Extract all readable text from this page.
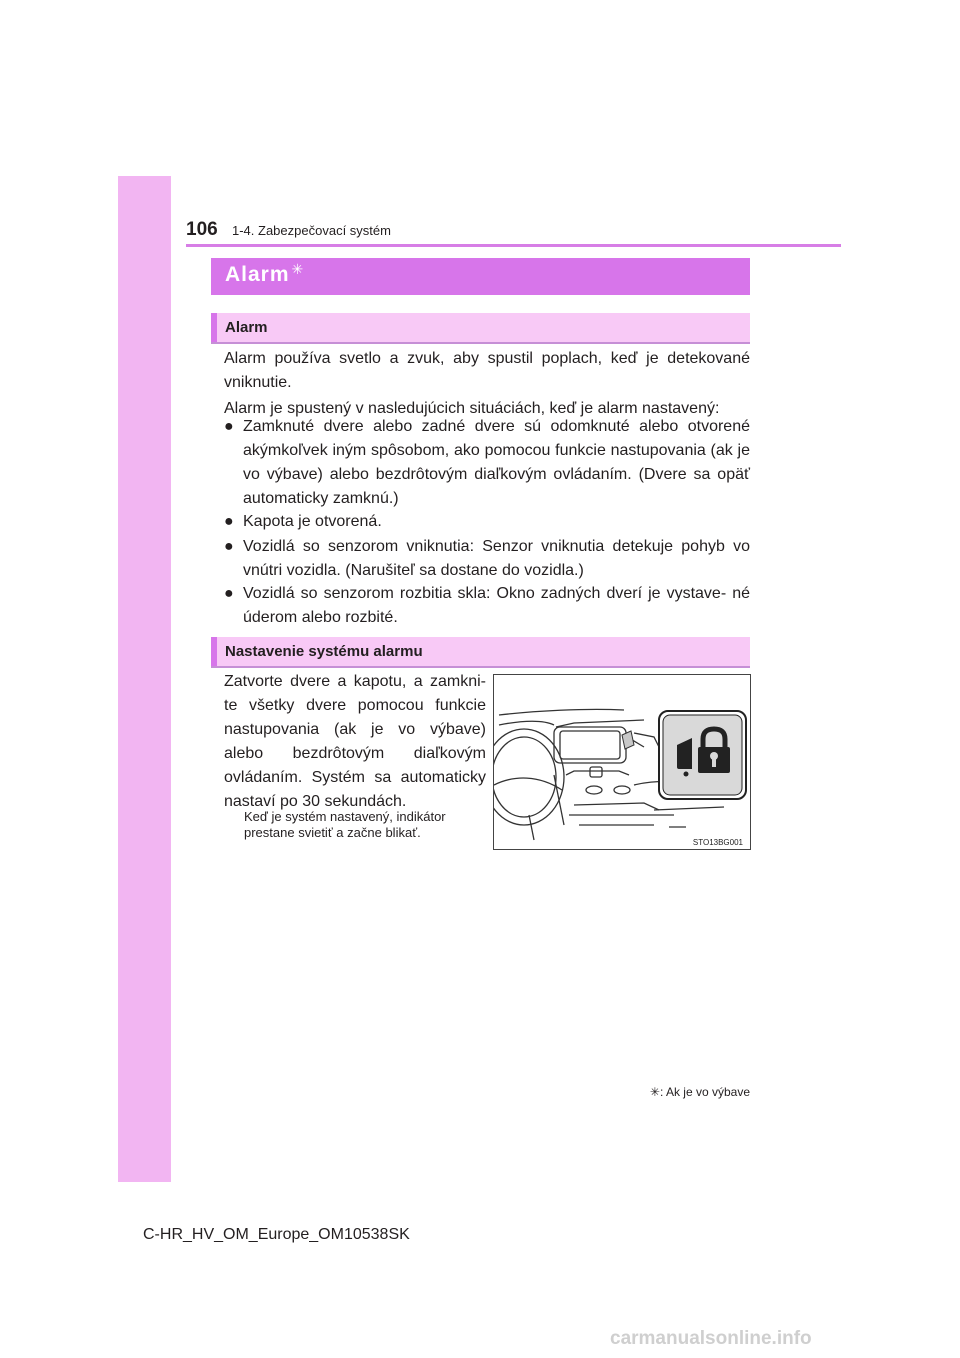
106 1-4. Zabezpečovací systém
Alarm ✳
Alarm
Alarm používa svetlo a zvuk, aby spustil poplach, keď je detekované vniknutie.
Alarm je spustený v nasledujúcich situáciách, keď je alarm nastavený:
● Zamknuté dvere alebo zadné dvere sú odomknuté alebo otvorené akýmkoľvek iným spôsobom, ako pomocou funkcie nastupovania (ak je vo výbave) alebo bezdrôtovým diaľkovým ovládaním. (Dvere sa opäť automaticky zamknú.)
● Kapota je otvorená.
● Vozidlá so senzorom vniknutia: Senzor vniknutia detekuje pohyb vo vnútri vozidla. (Narušiteľ sa dostane do vozidla.)
● Vozidlá so senzorom rozbitia skla: Okno zadných dverí je vystave- né úderom alebo rozbité.
Nastavenie systému alarmu
Zatvorte dvere a kapotu, a zamkni- te všetky dvere pomocou funkcie nastupovania (ak je vo výbave) alebo bezdrôtovým diaľkovým ovládaním. Systém sa automaticky nastaví po 30 sekundách.
Keď je systém nastavený, indikátor
prestane svietiť a začne blikať.
STO13BG001
✳: Ak je vo výbave
C-HR_HV_OM_Europe_OM10538SK
carmanualsonline.info
